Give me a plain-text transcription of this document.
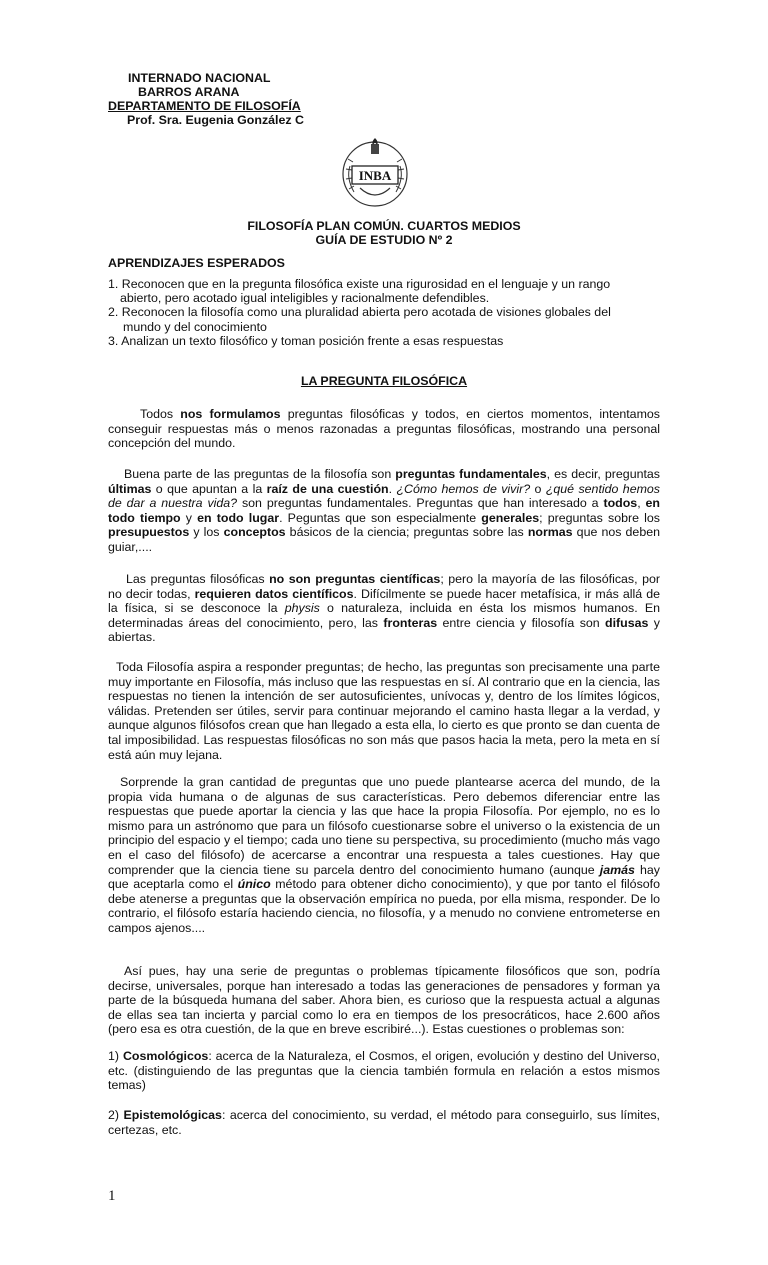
INTERNADO NACIONAL
BARROS ARANA
DEPARTAMENTO DE FILOSOFÍA
Prof. Sra. Eugenia González C
INBA
FILOSOFÍA PLAN COMÚN. CUARTOS MEDIOS
GUÍA DE ESTUDIO Nº 2
APRENDIZAJES ESPERADOS
1. Reconocen que en la pregunta filosófica existe una rigurosidad en el lenguaje y un rango
abierto, pero acotado igual inteligibles y racionalmente defendibles.
2. Reconocen la filosofía como una pluralidad abierta pero acotada de visiones globales del
mundo y del conocimiento
3. Analizan un texto filosófico y toman posición frente a esas respuestas
LA PREGUNTA FILOSÓFICA
Todos nos formulamos preguntas filosóficas y todos, en ciertos momentos, intentamos conseguir respuestas más o menos razonadas a preguntas filosóficas, mostrando una personal concepción del mundo.
Buena parte de las preguntas de la filosofía son preguntas fundamentales, es decir, preguntas últimas o que apuntan a la raíz de una cuestión. ¿Cómo hemos de vivir? o ¿qué sentido hemos de dar a nuestra vida? son preguntas fundamentales. Preguntas que han interesado a todos, en todo tiempo y en todo lugar. Peguntas que son especialmente generales; preguntas sobre los presupuestos y los conceptos básicos de la ciencia; preguntas sobre las normas que nos deben guiar,....
Las preguntas filosóficas no son preguntas científicas; pero la mayoría de las filosóficas, por no decir todas, requieren datos científicos. Difícilmente se puede hacer metafísica, ir más allá de la física, si se desconoce la physis o naturaleza, incluida en ésta los mismos humanos. En determinadas áreas del conocimiento, pero, las fronteras entre ciencia y filosofía son difusas y abiertas.
Toda Filosofía aspira a responder preguntas; de hecho, las preguntas son precisamente una parte muy importante en Filosofía, más incluso que las respuestas en sí. Al contrario que en la ciencia, las respuestas no tienen la intención de ser autosuficientes, unívocas y, dentro de los límites lógicos, válidas. Pretenden ser útiles, servir para continuar mejorando el camino hasta llegar a la verdad, y aunque algunos filósofos crean que han llegado a esta ella, lo cierto es que pronto se dan cuenta de tal imposibilidad. Las respuestas filosóficas no son más que pasos hacia la meta, pero la meta en sí está aún muy lejana.
Sorprende la gran cantidad de preguntas que uno puede plantearse acerca del mundo, de la propia vida humana o de algunas de sus características. Pero debemos diferenciar entre las respuestas que puede aportar la ciencia y las que hace la propia Filosofía. Por ejemplo, no es lo mismo para un astrónomo que para un filósofo cuestionarse sobre el universo o la existencia de un principio del espacio y el tiempo; cada uno tiene su perspectiva, su procedimiento (mucho más vago en el caso del filósofo) de acercarse a encontrar una respuesta a tales cuestiones. Hay que comprender que la ciencia tiene su parcela dentro del conocimiento humano (aunque jamás hay que aceptarla como el único método para obtener dicho conocimiento), y que por tanto el filósofo debe atenerse a preguntas que la observación empírica no pueda, por ella misma, responder. De lo contrario, el filósofo estaría haciendo ciencia, no filosofía, y a menudo no conviene entrometerse en campos ajenos....
Así pues, hay una serie de preguntas o problemas típicamente filosóficos que son, podría decirse, universales, porque han interesado a todas las generaciones de pensadores y forman ya parte de la búsqueda humana del saber. Ahora bien, es curioso que la respuesta actual a algunas de ellas sea tan incierta y parcial como lo era en tiempos de los presocráticos, hace 2.600 años (pero esa es otra cuestión, de la que en breve escribiré...). Estas cuestiones o problemas son:
1) Cosmológicos: acerca de la Naturaleza, el Cosmos, el origen, evolución y destino del Universo, etc. (distinguiendo de las preguntas que la ciencia también formula en relación a estos mismos temas)
2) Epistemológicas: acerca del conocimiento, su verdad, el método para conseguirlo, sus límites, certezas, etc.
1
